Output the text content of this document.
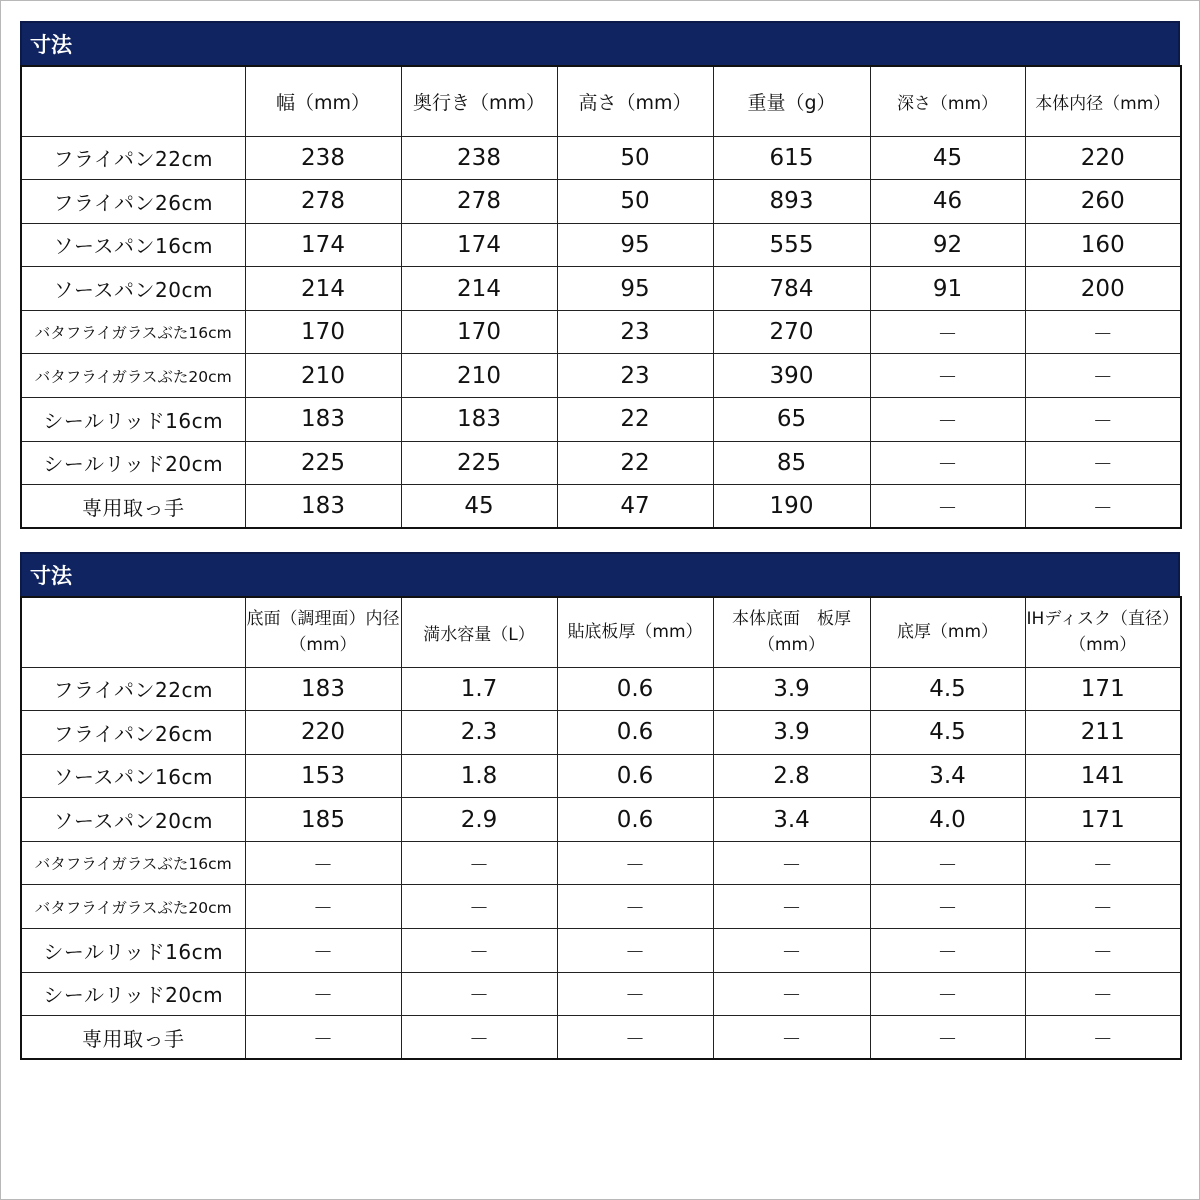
寸法
	幅（mm）	奥行き（mm）	高さ（mm）	重量（g）	深さ（mm）	本体内径（mm）
フライパン22cm	238	238	50	615	45	220
フライパン26cm	278	278	50	893	46	260
ソースパン16cm	174	174	95	555	92	160
ソースパン20cm	214	214	95	784	91	200
バタフライガラスぶた16cm	170	170	23	270	－	－
バタフライガラスぶた20cm	210	210	23	390	－	－
シールリッド16cm	183	183	22	65	－	－
シールリッド20cm	225	225	22	85	－	－
専用取っ手	183	45	47	190	－	－
寸法
	底面（調理面）内径（mm）	満水容量（L）	貼底板厚（mm）	本体底面　板厚（mm）	底厚（mm）	IHディスク（直径）（mm）
フライパン22cm	183	1.7	0.6	3.9	4.5	171
フライパン26cm	220	2.3	0.6	3.9	4.5	211
ソースパン16cm	153	1.8	0.6	2.8	3.4	141
ソースパン20cm	185	2.9	0.6	3.4	4.0	171
バタフライガラスぶた16cm	－	－	－	－	－	－
バタフライガラスぶた20cm	－	－	－	－	－	－
シールリッド16cm	－	－	－	－	－	－
シールリッド20cm	－	－	－	－	－	－
専用取っ手	－	－	－	－	－	－
